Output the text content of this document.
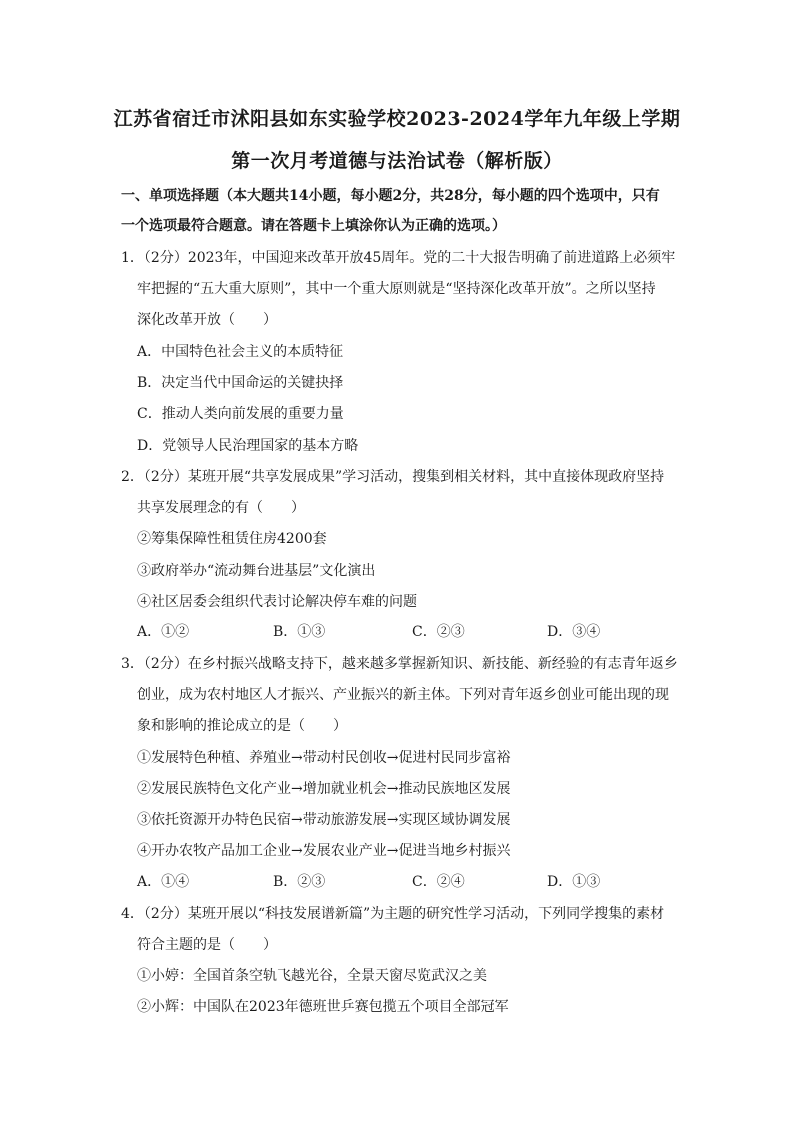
江苏省宿迁市沭阳县如东实验学校2023-2024学年九年级上学期
第一次月考道德与法治试卷（解析版）
一、单项选择题（本大题共14小题，每小题2分，共28分，每小题的四个选项中，只有
一个选项最符合题意。请在答题卡上填涂你认为正确的选项。）
1．（2分）2023年，中国迎来改革开放45周年。党的二十大报告明确了前进道路上必须牢
牢把握的“五大重大原则”，其中一个重大原则就是“坚持深化改革开放”。之所以坚持
深化改革开放（　　）
A．中国特色社会主义的本质特征
B．决定当代中国命运的关键抉择
C．推动人类向前发展的重要力量
D．党领导人民治理国家的基本方略
2．（2分）某班开展“共享发展成果”学习活动，搜集到相关材料，其中直接体现政府坚持
共享发展理念的有（　　）
②筹集保障性租赁住房4200套
③政府举办“流动舞台进基层”文化演出
④社区居委会组织代表讨论解决停车难的问题
A．①②	B．①③	C．②③	D．③④
3．（2分）在乡村振兴战略支持下，越来越多掌握新知识、新技能、新经验的有志青年返乡
创业，成为农村地区人才振兴、产业振兴的新主体。下列对青年返乡创业可能出现的现
象和影响的推论成立的是（　　）
①发展特色种植、养殖业→带动村民创收→促进村民同步富裕
②发展民族特色文化产业→增加就业机会→推动民族地区发展
③依托资源开办特色民宿→带动旅游发展→实现区域协调发展
④开办农牧产品加工企业→发展农业产业→促进当地乡村振兴
A．①④	B．②③	C．②④	D．①③
4．（2分）某班开展以“科技发展谱新篇”为主题的研究性学习活动，下列同学搜集的素材
符合主题的是（　　）
①小婷：全国首条空轨飞越光谷，全景天窗尽览武汉之美
②小辉：中国队在2023年德班世乒赛包揽五个项目全部冠军
